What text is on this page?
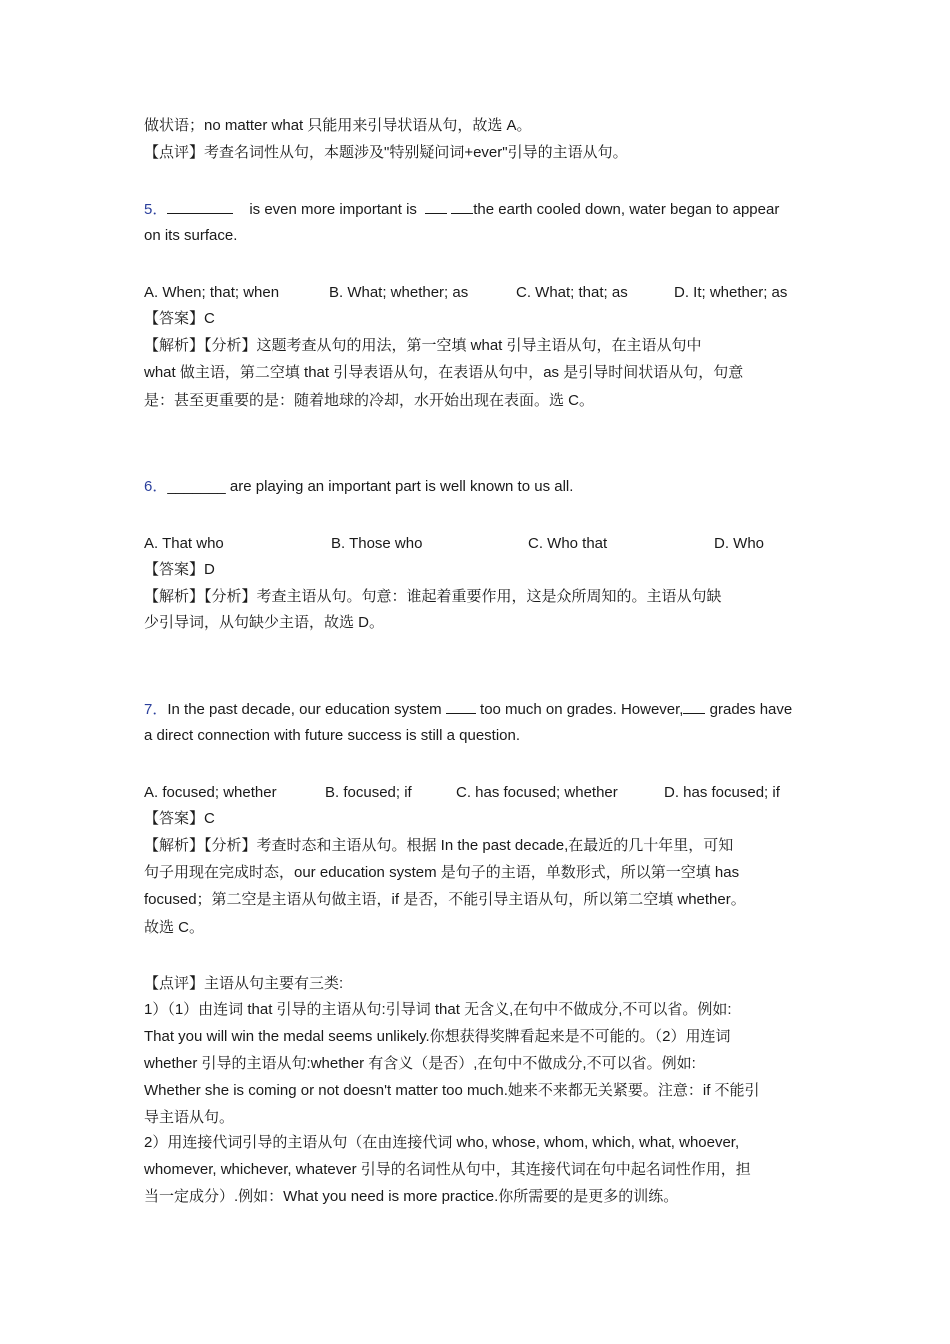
做状语；no matter what 只能用来引导状语从句，故选 A。
【点评】考查名词性从句，本题涉及"特别疑问词+ever"引导的主语从句。
5．	is even more important is	the earth cooled down, water began to appear
on its surface.
A. When; that; when	B. What; whether; as	C. What; that; as	D. It; whether; as
【答案】C
【解析】【分析】这题考查从句的用法，第一空填 what 引导主语从句，在主语从句中
what 做主语，第二空填 that 引导表语从句，在表语从句中，as 是引导时间状语从句，句意
是：甚至更重要的是：随着地球的冷却，水开始出现在表面。选 C。
6．_______ are playing an important part is well known to us all.
A. That who	B. Those who	C. Who that	D. Who
【答案】D
【解析】【分析】考查主语从句。句意：谁起着重要作用，这是众所周知的。主语从句缺
少引导词，从句缺少主语，故选 D。
7．In the past decade, our education system	too much on grades. However, grades have
a direct connection with future success is still a question.
A. focused; whether	B. focused; if	C. has focused; whether	D. has focused; if
【答案】C
【解析】【分析】考查时态和主语从句。根据 In the past decade,在最近的几十年里，可知
句子用现在完成时态，our education system 是句子的主语，单数形式，所以第一空填 has
focused；第二空是主语从句做主语，if 是否，不能引导主语从句，所以第二空填 whether。
故选 C。
【点评】主语从句主要有三类:
1）（1）由连词 that 引导的主语从句:引导词 that 无含义,在句中不做成分,不可以省。例如:
That you will win the medal seems unlikely.你想获得奖牌看起来是不可能的。（2）用连词
whether 引导的主语从句:whether 有含义（是否）,在句中不做成分,不可以省。例如:
Whether she is coming or not doesn't matter too much.她来不来都无关紧要。注意：if 不能引
导主语从句。
2）用连接代词引导的主语从句（在由连接代词 who, whose, whom, which, what, whoever,
whomever, whichever, whatever 引导的名词性从句中，其连接代词在句中起名词性作用，担
当一定成分）.例如：What you need is more practice.你所需要的是更多的训练。
